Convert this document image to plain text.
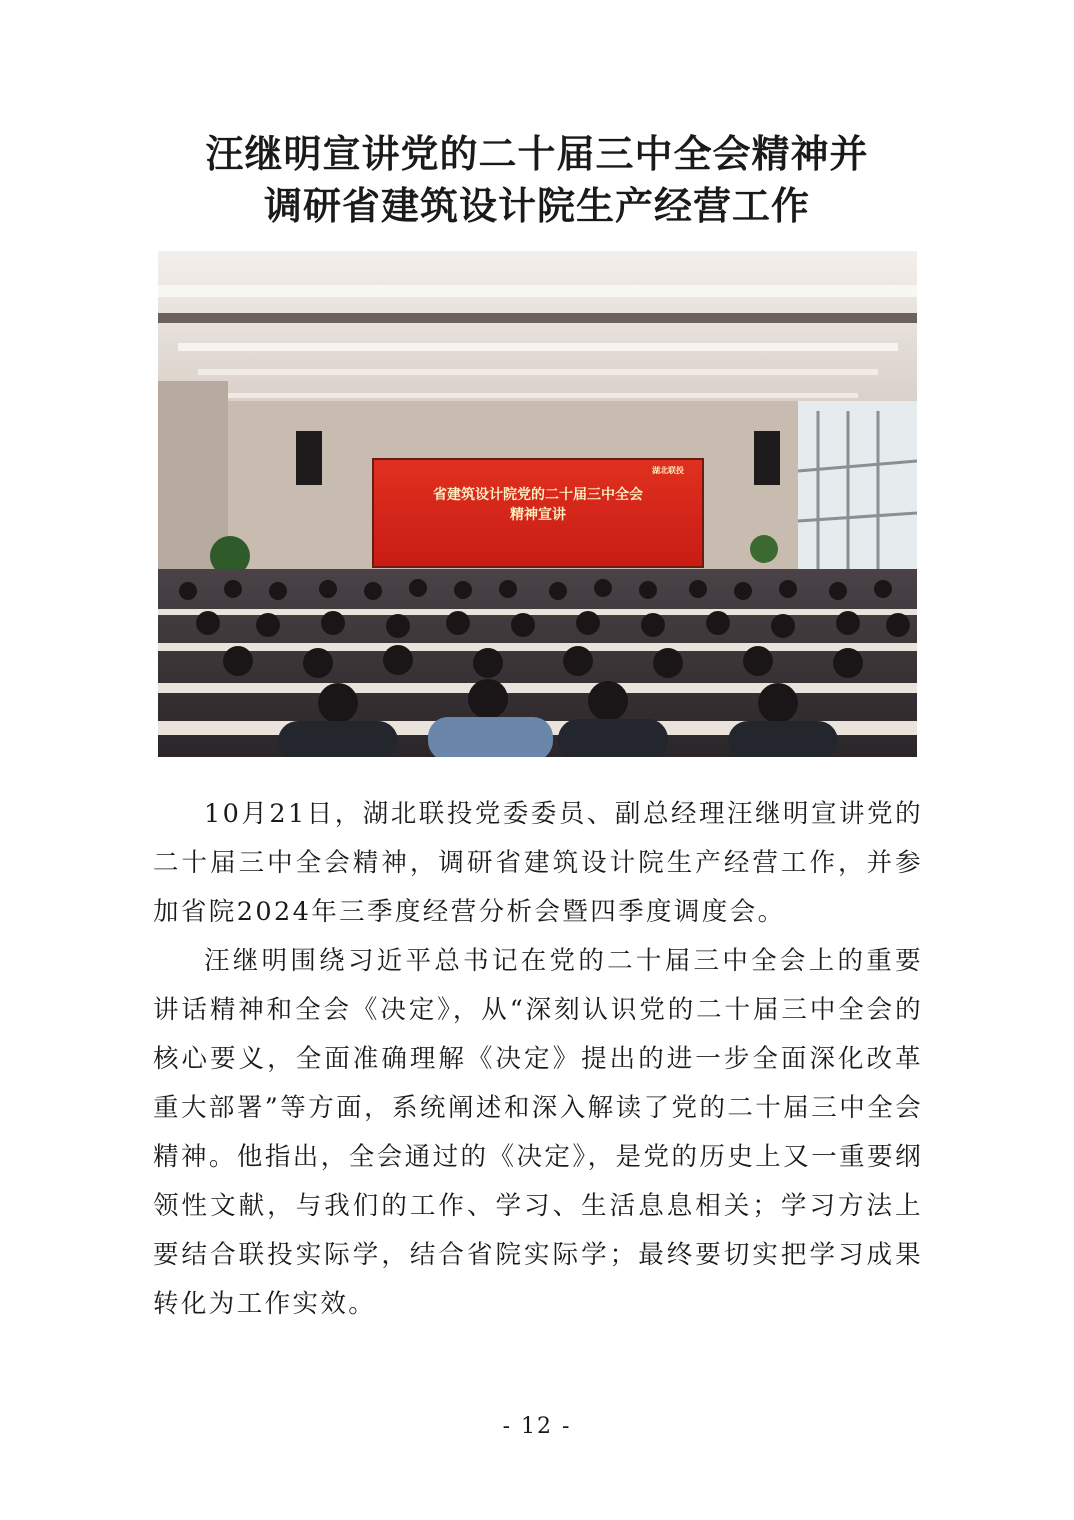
汪继明宣讲党的二十届三中全会精神并
调研省建筑设计院生产经营工作
省建筑设计院党的二十届三中全会
精神宣讲
湖北联投

10月21日，湖北联投党委委员、副总经理汪继明宣讲党的二十届三中全会精神，调研省建筑设计院生产经营工作，并参加省院2024年三季度经营分析会暨四季度调度会。

汪继明围绕习近平总书记在党的二十届三中全会上的重要讲话精神和全会《决定》，从“深刻认识党的二十届三中全会的核心要义，全面准确理解《决定》提出的进一步全面深化改革重大部署”等方面，系统阐述和深入解读了党的二十届三中全会精神。他指出，全会通过的《决定》，是党的历史上又一重要纲领性文献，与我们的工作、学习、生活息息相关；学习方法上要结合联投实际学，结合省院实际学；最终要切实把学习成果转化为工作实效。

- 12 -
